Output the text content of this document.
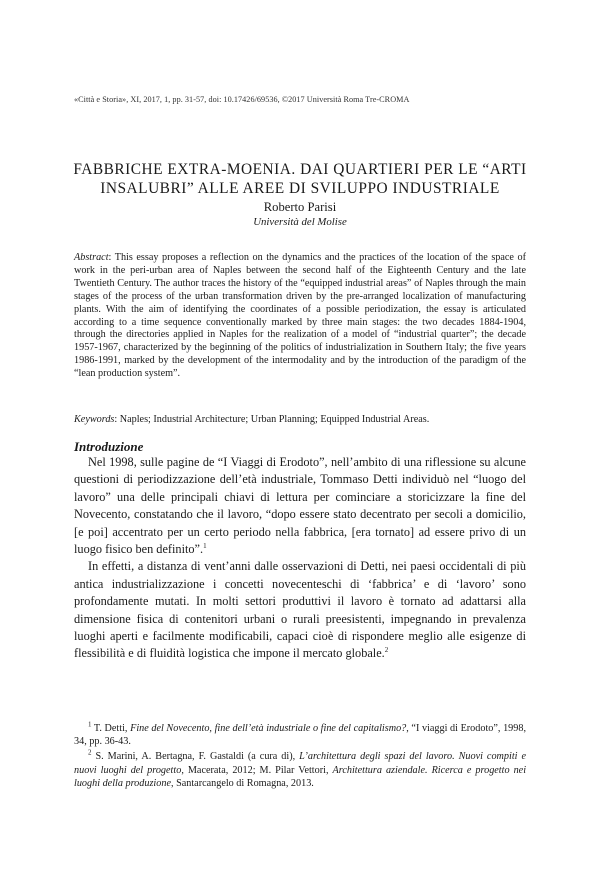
«Città e Storia», XI, 2017, 1, pp. 31-57, doi: 10.17426/69536, ©2017 Università Roma Tre-CROMA
FABBRICHE EXTRA-MOENIA. DAI QUARTIERI PER LE “ARTI
INSALUBRI” ALLE AREE DI SVILUPPO INDUSTRIALE
Roberto Parisi
Università del Molise

Abstract: This essay proposes a reflection on the dynamics and the practices of the location of the space of work in the peri-urban area of Naples between the second half of the Eighteenth Century and the late Twentieth Century. The author traces the history of the “equipped industrial areas” of Naples through the main stages of the process of the urban transformation driven by the pre-arranged localization of manufacturing plants. With the aim of identifying the coordinates of a possible periodization, the essay is articulated according to a time sequence conventionally marked by three main stages: the two decades 1884-1904, through the directories applied in Naples for the realization of a model of “industrial quarter”; the decade 1957-1967, characterized by the beginning of the politics of industrialization in Southern Italy; the five years 1986-1991, marked by the development of the intermodality and by the introduction of the paradigm of the “lean production system”.

Keywords: Naples; Industrial Architecture; Urban Planning; Equipped Industrial Areas.

Introduzione

Nel 1998, sulle pagine de “I Viaggi di Erodoto”, nell’ambito di una riflessione su alcune questioni di periodizzazione dell’età industriale, Tommaso Detti individuò nel “luogo del lavoro” una delle principali chiavi di lettura per cominciare a storicizzare la fine del Novecento, constatando che il lavoro, “dopo essere stato decentrato per secoli a domicilio, [e poi] accentrato per un certo periodo nella fabbrica, [era tornato] ad essere privo di un luogo fisico ben definito”.$^1$

In effetti, a distanza di vent’anni dalle osservazioni di Detti, nei paesi occidentali di più antica industrializzazione i concetti novecenteschi di ‘fabbrica’ e di ‘lavoro’ sono profondamente mutati. In molti settori produttivi il lavoro è tornato ad adattarsi alla dimensione fisica di contenitori urbani o rurali preesistenti, impegnando in prevalenza luoghi aperti e facilmente modificabili, capaci cioè di rispondere meglio alle esigenze di flessibilità e di fluidità logistica che impone il mercato globale.$^2$

$^1$ T. Detti, Fine del Novecento, fine dell’età industriale o fine del capitalismo?, “I viaggi di Erodoto”, 1998, 34, pp. 36-43.

$^2$ S. Marini, A. Bertagna, F. Gastaldi (a cura di), L’architettura degli spazi del lavoro. Nuovi compiti e nuovi luoghi del progetto, Macerata, 2012; M. Pilar Vettori, Architettura aziendale. Ricerca e progetto nei luoghi della produzione, Santarcangelo di Romagna, 2013.
